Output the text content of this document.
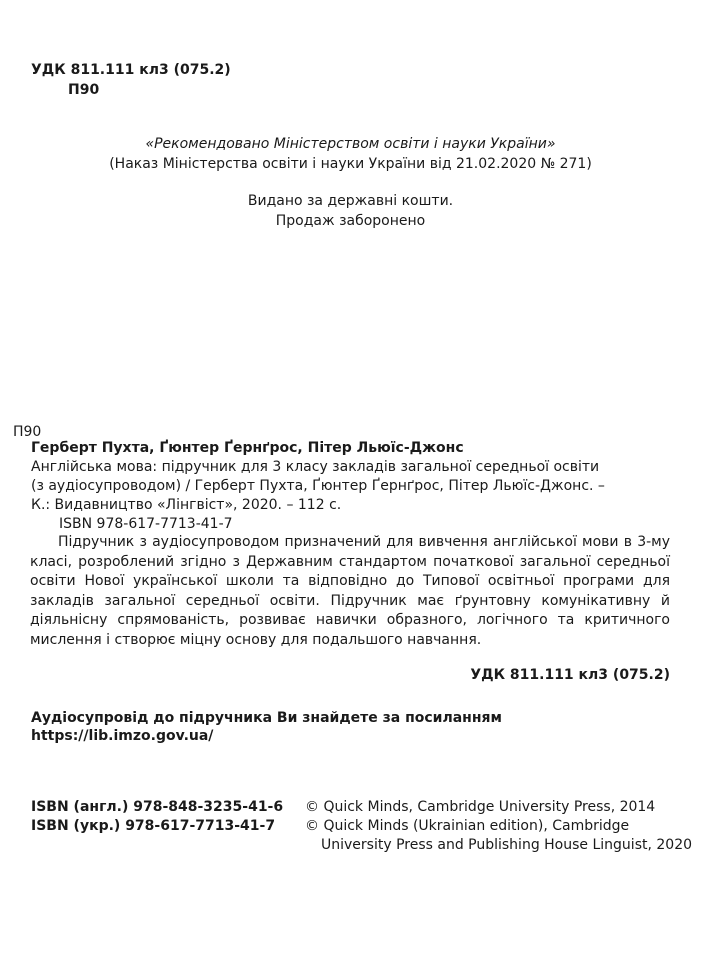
УДК 811.111 кл3 (075.2)
П90
«Рекомендовано Міністерством освіти і науки України»
(Наказ Міністерства освіти і науки України від 21.02.2020 № 271)
Видано за державні кошти.
Продаж заборонено
П90
Герберт Пухта, Ґюнтер Ґернґрос, Пітер Льюїс-Джонс
Англійська мова: підручник для 3 класу закладів загальної середньої освіти
(з аудіосупроводом) / Герберт Пухта, Ґюнтер Ґернґрос, Пітер Льюїс-Джонс. –
К.: Видавництво «Лінгвіст», 2020. – 112 с.
ISBN 978-617-7713-41-7
Підручник з аудіосупроводом призначений для вивчення англійської мови в 3-му класі, розроблений згідно з Державним стандартом початкової загальної середньої освіти Нової української школи та відповідно до Типової освітньої програми для закладів загальної середньої освіти. Підручник має ґрунтовну комунікативну й діяльнісну спрямованість, розвиває навички образного, логічного та критичного мислення і створює міцну основу для подальшого навчання.
УДК 811.111 кл3 (075.2)
Аудіосупровід до підручника Ви знайдете за посиланням
https://lib.imzo.gov.ua/
ISBN (англ.) 978-848-3235-41-6
ISBN (укр.) 978-617-7713-41-7
© Quick Minds, Cambridge University Press, 2014
© Quick Minds (Ukrainian edition), Cambridge
University Press and Publishing House Linguist, 2020
